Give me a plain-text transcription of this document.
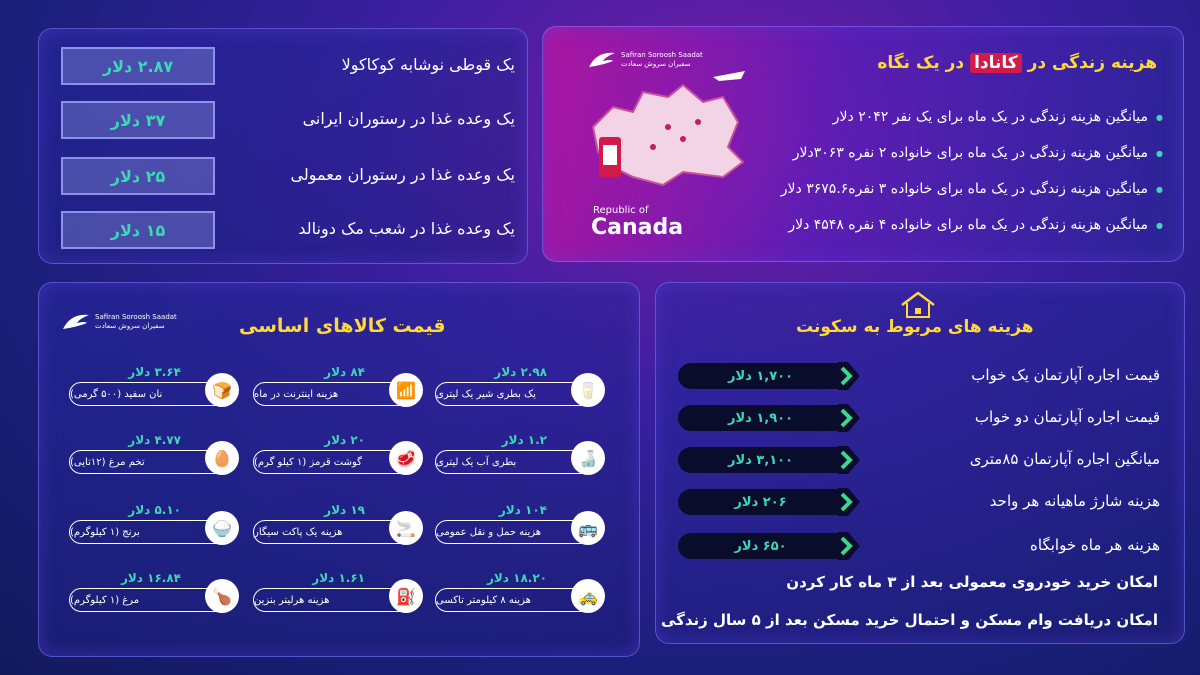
۲.۸۷ دلار	یک قوطی نوشابه کوکاکولا
۳۷ دلار	یک وعده غذا در رستوران ایرانی
۲۵ دلار	یک وعده غذا در رستوران معمولی
۱۵ دلار	یک وعده غذا در شعب مک دونالد
Safiran Soroosh Saadat
سفیران سروش سعادت
Republic of
Canada
هزینه زندگی در کانادا در یک نگاه
● میانگین هزینه زندگی در یک ماه برای یک نفر ۲۰۴۲ دلار
● میانگین هزینه زندگی در یک ماه برای خانواده ۲ نفره ۳۰۶۳دلار
● میانگین هزینه زندگی در یک ماه برای خانواده ۳ نفره۳۶۷۵.۶ دلار
● میانگین هزینه زندگی در یک ماه برای خانواده ۴ نفره ۴۵۴۸ دلار
Safiran Soroosh Saadat
سفیران سروش سعادت	قیمت کالاهای اساسی
۲.۹۸ دلار
یک بطری شیر یک لیتری	🥛
۸۴ دلار
هزینه اینترنت در ماه	📶
۳.۶۴ دلار
نان سفید (۵۰۰ گرمی)	🍞
۱.۲ دلار
بطری آب یک لیتری	🍶
۲۰ دلار
گوشت قرمز (۱ کیلو گرم)	🥩
۴.۷۷ دلار
تخم مرغ (۱۲تایی)	🥚
۱۰۴ دلار
هزینه حمل و نقل عمومی	🚌
۱۹ دلار
هزینه یک پاکت سیگار	🚬
۵.۱۰ دلار
برنج (۱ کیلوگرم)	🍚
۱۸.۲۰ دلار
هزینه ۸ کیلومتر تاکسی	🚕
۱.۶۱ دلار
هزینه هرلیتر بنزین	⛽
۱۶.۸۴ دلار
مرغ (۱ کیلوگرم)	🍗
هزینه های مربوط به سکونت
۱,۷۰۰ دلار	قیمت اجاره آپارتمان یک خواب
۱,۹۰۰ دلار	قیمت اجاره آپارتمان دو خواب
۳,۱۰۰ دلار	میانگین اجاره آپارتمان ۸۵متری
۲۰۶ دلار	هزینه شارژ ماهیانه هر واحد
۶۵۰ دلار	هزینه هر ماه خوابگاه
امکان خرید خودروی معمولی بعد از ۳ ماه کار کردن
امکان دریافت وام مسکن و احتمال خرید مسکن بعد از ۵ سال زندگی
